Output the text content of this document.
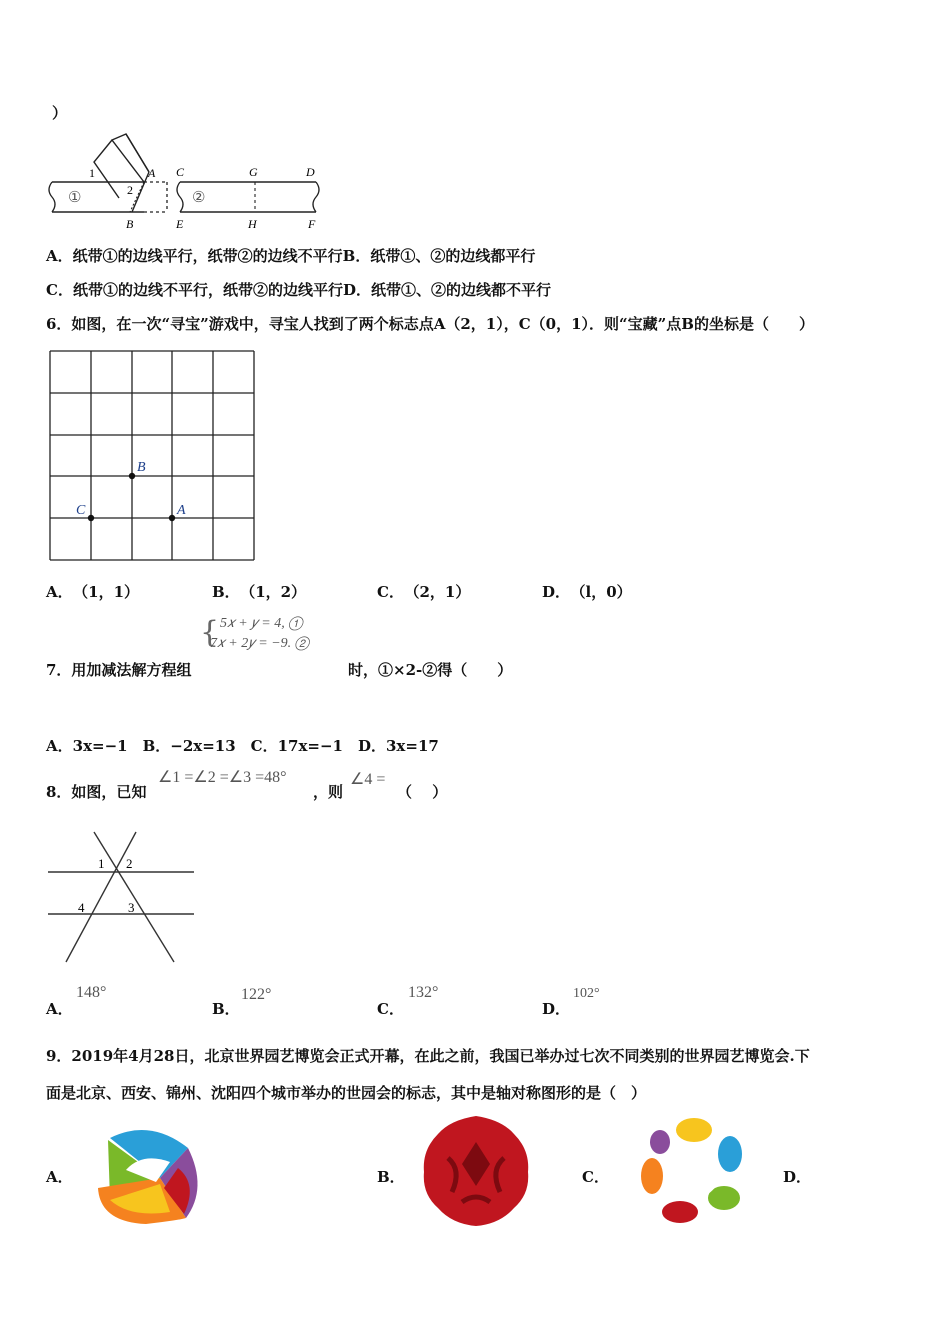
）
1	A
2
B
①
C	G	D
②
E	H	F
A．纸带①的边线平行，纸带②的边线不平行B．纸带①、②的边线都平行
C．纸带①的边线不平行，纸带②的边线平行D．纸带①、②的边线都不平行
6．如图，在一次“寻宝”游戏中，寻宝人找到了两个标志点A（2，1），C（0，1）．则“宝藏”点B的坐标是（　　）
B
C	A
A． （1，1）	B． （1，2）	C． （2，1）	D． （l，0）
{ 5𝑥 + 𝑦 = 4, ①
7𝑥 + 2𝑦 = −9. ②
7．用加减法解方程组	时，①×2-②得（　　）
A．3x=−1　B．−2x=13　C．17x=−1　D．3x=17
8．如图，已知
∠1 =∠2 =∠3 =48°
，则
∠4 =
（　 ）
1 2
4	3
A．
148°
B．
122°
C．
132°
D．
102°
9．2019年4月28日，北京世界园艺博览会正式开幕，在此之前，我国已举办过七次不同类别的世界园艺博览会.下
面是北京、西安、锦州、沈阳四个城市举办的世园会的标志，其中是轴对称图形的是（　）
A．	B．	C．	D．
